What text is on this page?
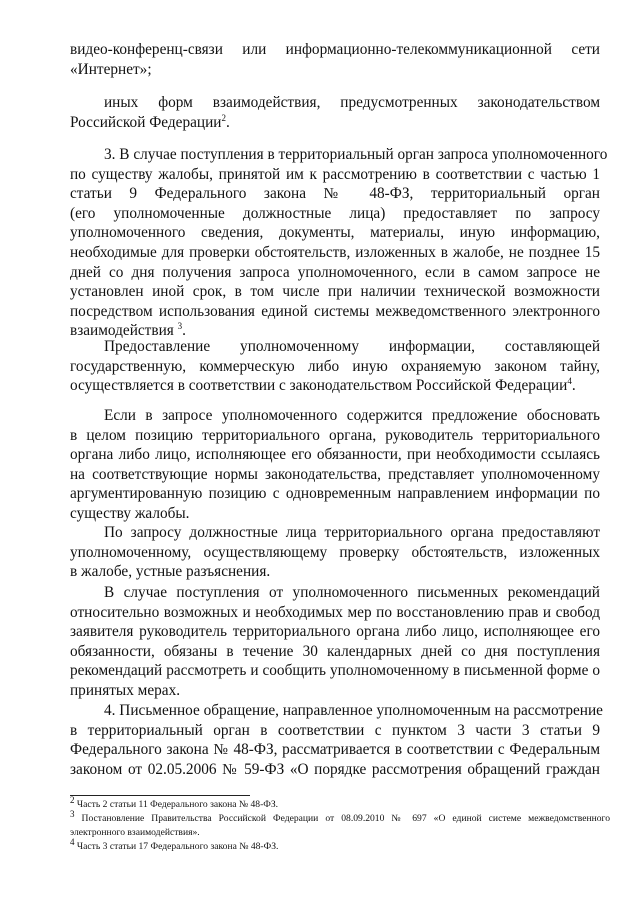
видео-конференц-связи или информационно-телекоммуникационной сети
«Интернет»;

иных форм взаимодействия, предусмотренных законодательством
Российской Федерации$^2$.

3. В случае поступления в территориальный орган запроса уполномоченного
по существу жалобы, принятой им к рассмотрению в соответствии с частью 1
статьи 9 Федерального закона № 48-ФЗ, территориальный орган
(его уполномоченные должностные лица) предоставляет по запросу
уполномоченного сведения, документы, материалы, иную информацию,
необходимые для проверки обстоятельств, изложенных в жалобе, не позднее 15
дней со дня получения запроса уполномоченного, если в самом запросе не
установлен иной срок, в том числе при наличии технической возможности
посредством использования единой системы межведомственного электронного
взаимодействия $^3$.

Предоставление уполномоченному информации, составляющей
государственную, коммерческую либо иную охраняемую законом тайну,
осуществляется в соответствии с законодательством Российской Федерации$^4$.

Если в запросе уполномоченного содержится предложение обосновать
в целом позицию территориального органа, руководитель территориального
органа либо лицо, исполняющее его обязанности, при необходимости ссылаясь
на соответствующие нормы законодательства, представляет уполномоченному
аргументированную позицию с одновременным направлением информации по
существу жалобы.

По запросу должностные лица территориального органа предоставляют
уполномоченному, осуществляющему проверку обстоятельств, изложенных
в жалобе, устные разъяснения.

В случае поступления от уполномоченного письменных рекомендаций
относительно возможных и необходимых мер по восстановлению прав и свобод
заявителя руководитель территориального органа либо лицо, исполняющее его
обязанности, обязаны в течение 30 календарных дней со дня поступления
рекомендаций рассмотреть и сообщить уполномоченному в письменной форме о
принятых мерах.

4. Письменное обращение, направленное уполномоченным на рассмотрение
в территориальный орган в соответствии с пунктом 3 части 3 статьи 9
Федерального закона № 48-ФЗ, рассматривается в соответствии с Федеральным
законом от 02.05.2006 № 59-ФЗ «О порядке рассмотрения обращений граждан

$^2$ Часть 2 статьи 11 Федерального закона № 48-ФЗ.

$^3$ Постановление Правительства Российской Федерации от 08.09.2010 № 697 «О единой системе межведомственного
электронного взаимодействия».

$^4$ Часть 3 статьи 17 Федерального закона № 48-ФЗ.
